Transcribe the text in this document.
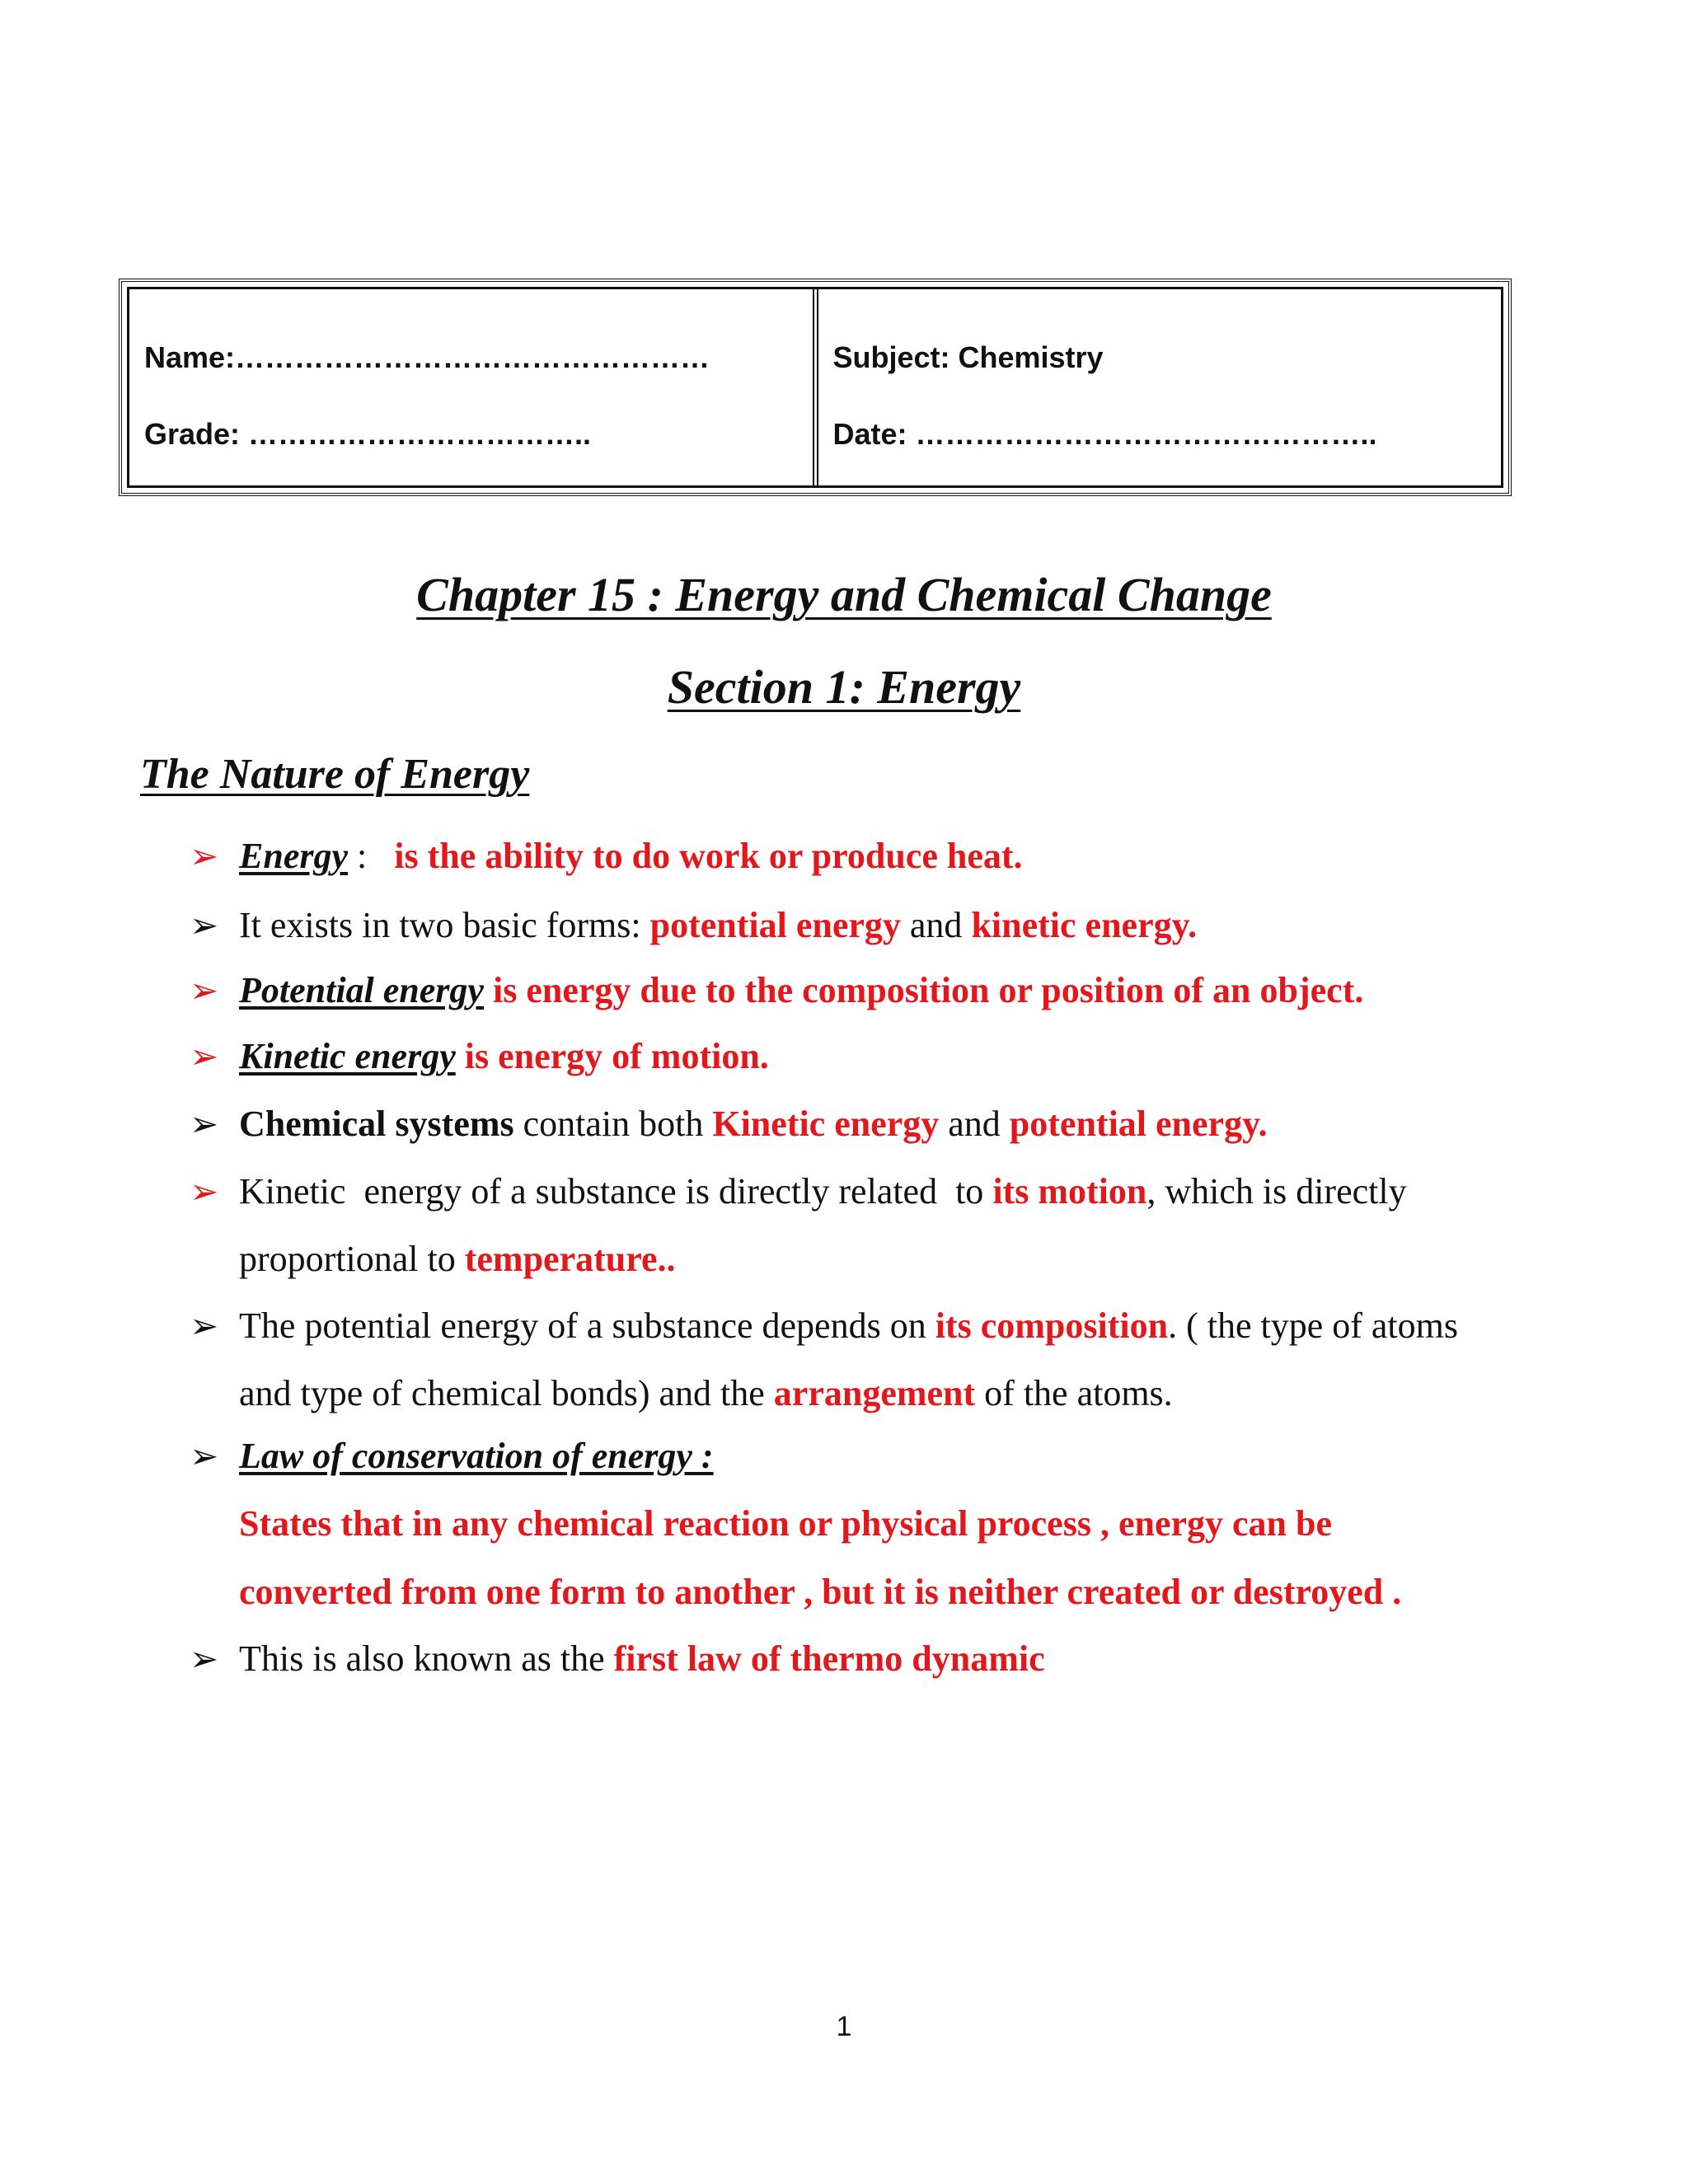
Name:…………………………………………
Grade: ……………………………..
Subject: Chemistry
Date: ………………………………………..
Chapter 15 : Energy and Chemical Change
Section 1: Energy
The Nature of Energy
➢ Energy :   is the ability to do work or produce heat.
➢ It exists in two basic forms: potential energy and kinetic energy.
➢ Potential energy is energy due to the composition or position of an object.
➢ Kinetic energy is energy of motion.
➢ Chemical systems contain both Kinetic energy and potential energy.
➢ Kinetic  energy of a substance is directly related  to its motion, which is directly
proportional to temperature..
➢ The potential energy of a substance depends on its composition. ( the type of atoms
and type of chemical bonds) and the arrangement of the atoms.
➢ Law of conservation of energy :
States that in any chemical reaction or physical process , energy can be
converted from one form to another , but it is neither created or destroyed .
➢ This is also known as the first law of thermo dynamic
1
